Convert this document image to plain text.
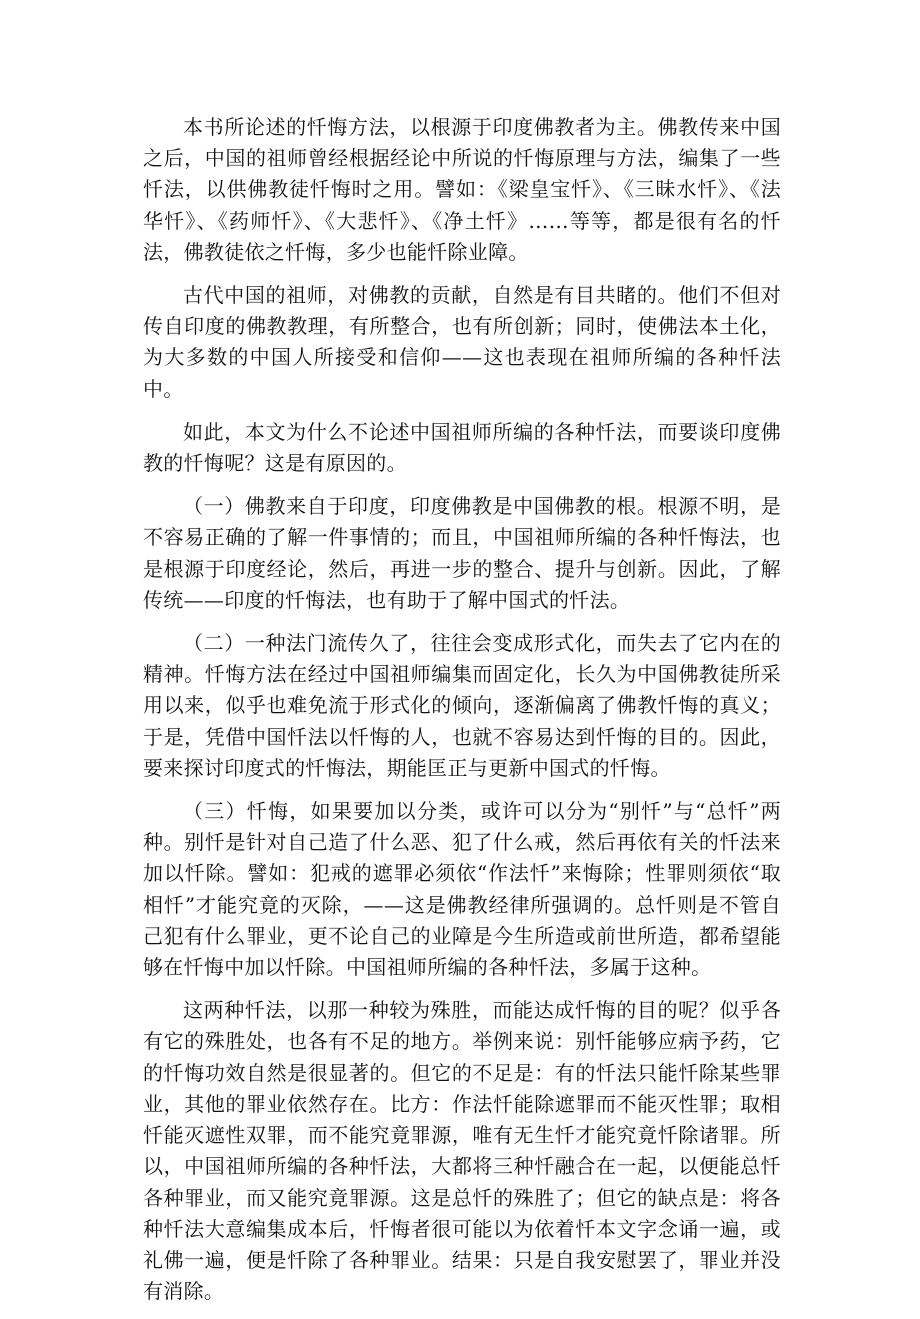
本书所论述的忏悔方法，以根源于印度佛教者为主。佛教传来中国之后，中国的祖师曾经根据经论中所说的忏悔原理与方法，编集了一些忏法，以供佛教徒忏悔时之用。譬如：《梁皇宝忏》、《三昧水忏》、《法华忏》、《药师忏》、《大悲忏》、《净土忏》……等等，都是很有名的忏法，佛教徒依之忏悔，多少也能忏除业障。

古代中国的祖师，对佛教的贡献，自然是有目共睹的。他们不但对传自印度的佛教教理，有所整合，也有所创新；同时，使佛法本土化，为大多数的中国人所接受和信仰——这也表现在祖师所编的各种忏法中。

如此，本文为什么不论述中国祖师所编的各种忏法，而要谈印度佛教的忏悔呢？这是有原因的。

（一）佛教来自于印度，印度佛教是中国佛教的根。根源不明，是不容易正确的了解一件事情的；而且，中国祖师所编的各种忏悔法，也是根源于印度经论，然后，再进一步的整合、提升与创新。因此，了解传统——印度的忏悔法，也有助于了解中国式的忏法。

（二）一种法门流传久了，往往会变成形式化，而失去了它内在的精神。忏悔方法在经过中国祖师编集而固定化，长久为中国佛教徒所采用以来，似乎也难免流于形式化的倾向，逐渐偏离了佛教忏悔的真义；于是，凭借中国忏法以忏悔的人，也就不容易达到忏悔的目的。因此，要来探讨印度式的忏悔法，期能匡正与更新中国式的忏悔。

（三）忏悔，如果要加以分类，或许可以分为“别忏”与“总忏”两种。别忏是针对自己造了什么恶、犯了什么戒，然后再依有关的忏法来加以忏除。譬如：犯戒的遮罪必须依“作法忏”来悔除；性罪则须依“取相忏”才能究竟的灭除，——这是佛教经律所强调的。总忏则是不管自己犯有什么罪业，更不论自己的业障是今生所造或前世所造，都希望能够在忏悔中加以忏除。中国祖师所编的各种忏法，多属于这种。

这两种忏法，以那一种较为殊胜，而能达成忏悔的目的呢？似乎各有它的殊胜处，也各有不足的地方。举例来说：别忏能够应病予药，它的忏悔功效自然是很显著的。但它的不足是：有的忏法只能忏除某些罪业，其他的罪业依然存在。比方：作法忏能除遮罪而不能灭性罪；取相忏能灭遮性双罪，而不能究竟罪源，唯有无生忏才能究竟忏除诸罪。所以，中国祖师所编的各种忏法，大都将三种忏融合在一起，以便能总忏各种罪业，而又能究竟罪源。这是总忏的殊胜了；但它的缺点是：将各种忏法大意编集成本后，忏悔者很可能以为依着忏本文字念诵一遍，或礼佛一遍，便是忏除了各种罪业。结果：只是自我安慰罢了，罪业并没有消除。
